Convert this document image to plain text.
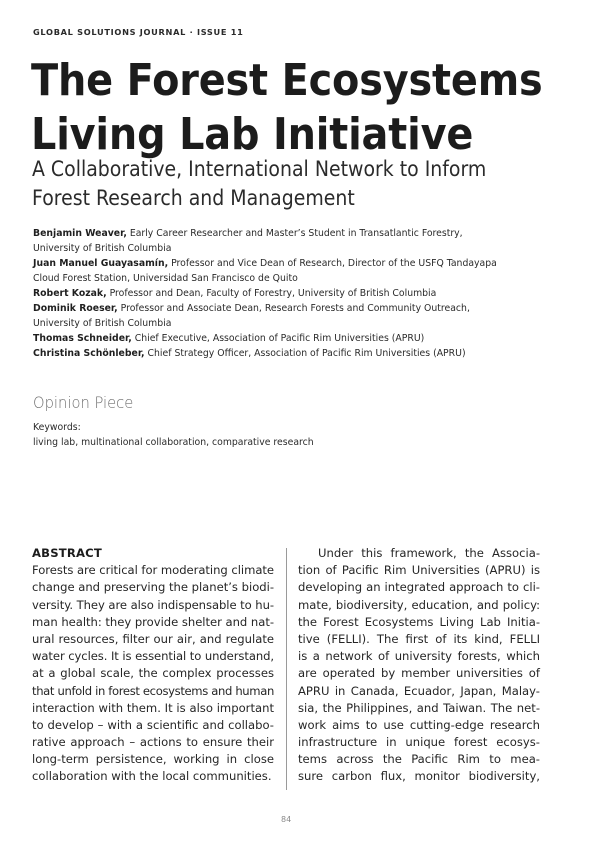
GLOBAL SOLUTIONS JOURNAL · ISSUE 11
The Forest Ecosystems
Living Lab Initiative
A Collaborative, International Network to Inform
Forest Research and Management
Benjamin Weaver, Early Career Researcher and Master’s Student in Transatlantic Forestry,
University of British Columbia
Juan Manuel Guayasamín, Professor and Vice Dean of Research, Director of the USFQ Tandayapa
Cloud Forest Station, Universidad San Francisco de Quito
Robert Kozak, Professor and Dean, Faculty of Forestry, University of British Columbia
Dominik Roeser, Professor and Associate Dean, Research Forests and Community Outreach,
University of British Columbia
Thomas Schneider, Chief Executive, Association of Pacific Rim Universities (APRU)
Christina Schönleber, Chief Strategy Officer, Association of Pacific Rim Universities (APRU)
Opinion Piece
Keywords:
living lab, multinational collaboration, comparative research
ABSTRACT
Forests are critical for moderating climate
change and preserving the planet’s biodi-
versity. They are also indispensable to hu-
man health: they provide shelter and nat-
ural resources, filter our air, and regulate
water cycles. It is essential to understand,
at a global scale, the complex processes
that unfold in forest ecosystems and human
interaction with them. It is also important
to develop – with a scientific and collabo-
rative approach – actions to ensure their
long-term persistence, working in close
collaboration with the local communities.
Under this framework, the Associa-
tion of Pacific Rim Universities (APRU) is
developing an integrated approach to cli-
mate, biodiversity, education, and policy:
the Forest Ecosystems Living Lab Initia-
tive (FELLI). The first of its kind, FELLI
is a network of university forests, which
are operated by member universities of
APRU in Canada, Ecuador, Japan, Malay-
sia, the Philippines, and Taiwan. The net-
work aims to use cutting-edge research
infrastructure in unique forest ecosys-
tems across the Pacific Rim to mea-
sure carbon flux, monitor biodiversity,
84
